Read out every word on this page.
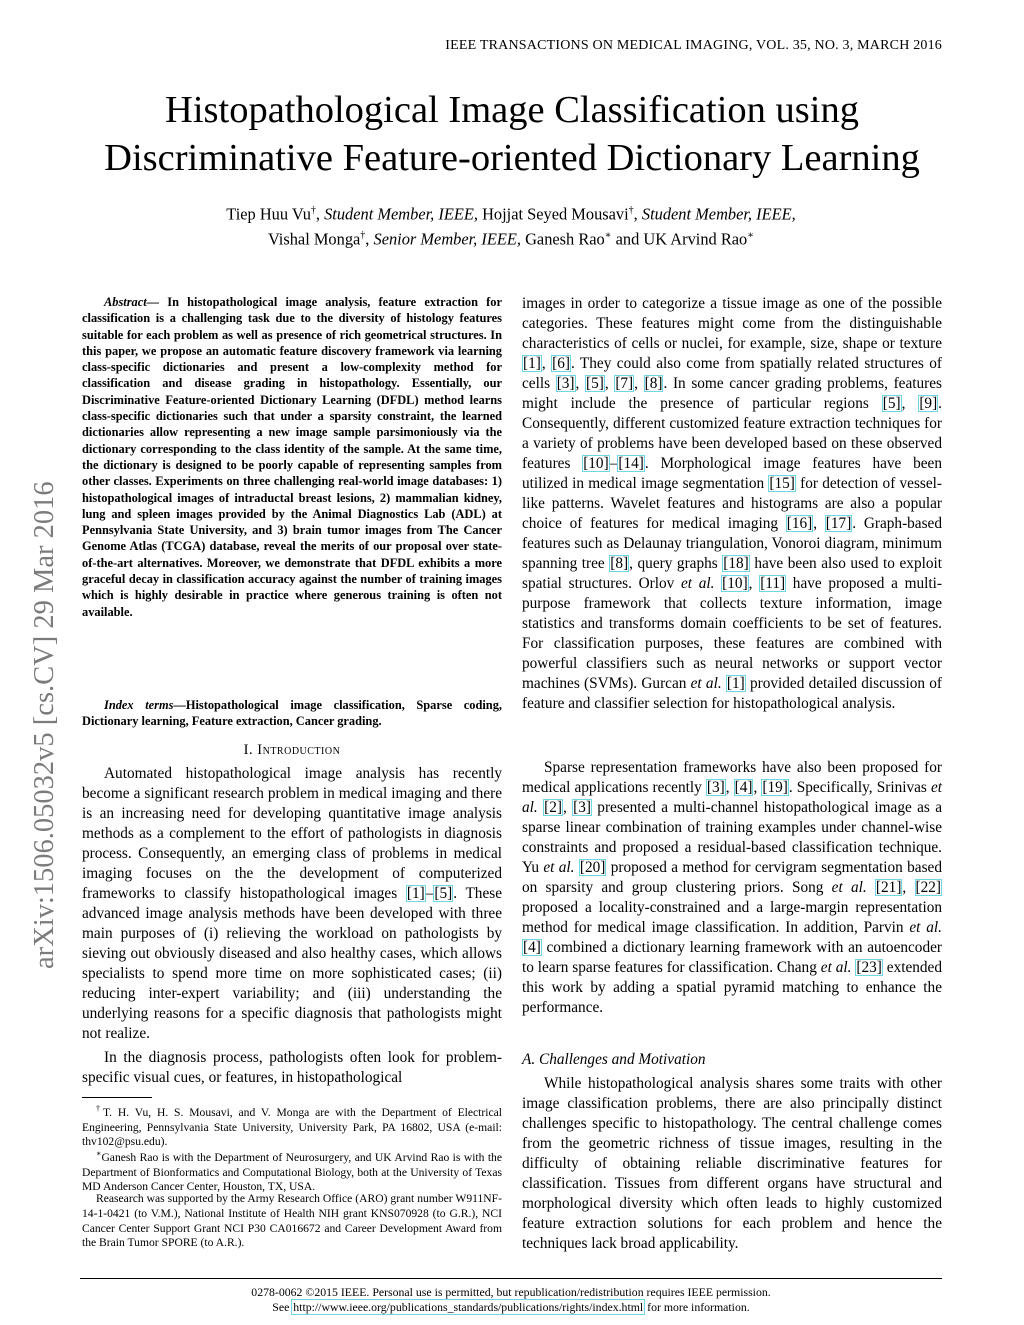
IEEE TRANSACTIONS ON MEDICAL IMAGING, VOL. 35, NO. 3, MARCH 2016
Histopathological Image Classification using
Discriminative Feature-oriented Dictionary Learning
Tiep Huu Vu†, Student Member, IEEE, Hojjat Seyed Mousavi†, Student Member, IEEE,
Vishal Monga†, Senior Member, IEEE, Ganesh Rao∗ and UK Arvind Rao∗
arXiv:1506.05032v5 [cs.CV] 29 Mar 2016
Abstract— In histopathological image analysis, feature extraction for classification is a challenging task due to the diversity of histology features suitable for each problem as well as presence of rich geometrical structures. In this paper, we propose an automatic feature discovery framework via learning class-specific dictionaries and present a low-complexity method for classification and disease grading in histopathology. Essentially, our Discriminative Feature-oriented Dictionary Learning (DFDL) method learns class-specific dictionaries such that under a sparsity constraint, the learned dictionaries allow representing a new image sample parsimoniously via the dictionary corresponding to the class identity of the sample. At the same time, the dictionary is designed to be poorly capable of representing samples from other classes. Experiments on three challenging real-world image databases: 1) histopathological images of intraductal breast lesions, 2) mammalian kidney, lung and spleen images provided by the Animal Diagnostics Lab (ADL) at Pennsylvania State University, and 3) brain tumor images from The Cancer Genome Atlas (TCGA) database, reveal the merits of our proposal over state-of-the-art alternatives. Moreover, we demonstrate that DFDL exhibits a more graceful decay in classification accuracy against the number of training images which is highly desirable in practice where generous training is often not available.
Index terms—Histopathological image classification, Sparse coding, Dictionary learning, Feature extraction, Cancer grading.
I. Introduction
Automated histopathological image analysis has recently become a significant research problem in medical imaging and there is an increasing need for developing quantitative image analysis methods as a complement to the effort of pathologists in diagnosis process. Consequently, an emerging class of problems in medical imaging focuses on the the development of computerized frameworks to classify histopathological images [1]–[5]. These advanced image analysis methods have been developed with three main purposes of (i) relieving the workload on pathologists by sieving out obviously diseased and also healthy cases, which allows specialists to spend more time on more sophisticated cases; (ii) reducing inter-expert variability; and (iii) understanding the underlying reasons for a specific diagnosis that pathologists might not realize.
In the diagnosis process, pathologists often look for problem-specific visual cues, or features, in histopathological
†T. H. Vu, H. S. Mousavi, and V. Monga are with the Department of Electrical Engineering, Pennsylvania State University, University Park, PA 16802, USA (e-mail: thv102@psu.edu).
∗Ganesh Rao is with the Department of Neurosurgery, and UK Arvind Rao is with the Department of Bionformatics and Computational Biology, both at the University of Texas MD Anderson Cancer Center, Houston, TX, USA.
Reasearch was supported by the Army Research Office (ARO) grant number W911NF-14-1-0421 (to V.M.), National Institute of Health NIH grant KNS070928 (to G.R.), NCI Cancer Center Support Grant NCI P30 CA016672 and Career Development Award from the Brain Tumor SPORE (to A.R.).
images in order to categorize a tissue image as one of the possible categories. These features might come from the distinguishable characteristics of cells or nuclei, for example, size, shape or texture [1], [6]. They could also come from spatially related structures of cells [3], [5], [7], [8]. In some cancer grading problems, features might include the presence of particular regions [5], [9]. Consequently, different customized feature extraction techniques for a variety of problems have been developed based on these observed features [10]–[14]. Morphological image features have been utilized in medical image segmentation [15] for detection of vessel-like patterns. Wavelet features and histograms are also a popular choice of features for medical imaging [16], [17]. Graph-based features such as Delaunay triangulation, Vonoroi diagram, minimum spanning tree [8], query graphs [18] have been also used to exploit spatial structures. Orlov et al. [10], [11] have proposed a multi-purpose framework that collects texture information, image statistics and transforms domain coefficients to be set of features. For classification purposes, these features are combined with powerful classifiers such as neural networks or support vector machines (SVMs). Gurcan et al. [1] provided detailed discussion of feature and classifier selection for histopathological analysis.
Sparse representation frameworks have also been proposed for medical applications recently [3], [4], [19]. Specifically, Srinivas et al. [2], [3] presented a multi-channel histopathological image as a sparse linear combination of training examples under channel-wise constraints and proposed a residual-based classification technique. Yu et al. [20] proposed a method for cervigram segmentation based on sparsity and group clustering priors. Song et al. [21], [22] proposed a locality-constrained and a large-margin representation method for medical image classification. In addition, Parvin et al. [4] combined a dictionary learning framework with an autoencoder to learn sparse features for classification. Chang et al. [23] extended this work by adding a spatial pyramid matching to enhance the performance.
A. Challenges and Motivation
While histopathological analysis shares some traits with other image classification problems, there are also principally distinct challenges specific to histopathology. The central challenge comes from the geometric richness of tissue images, resulting in the difficulty of obtaining reliable discriminative features for classification. Tissues from different organs have structural and morphological diversity which often leads to highly customized feature extraction solutions for each problem and hence the techniques lack broad applicability.
0278-0062 ©2015 IEEE. Personal use is permitted, but republication/redistribution requires IEEE permission.
See http://www.ieee.org/publications_standards/publications/rights/index.html for more information.
